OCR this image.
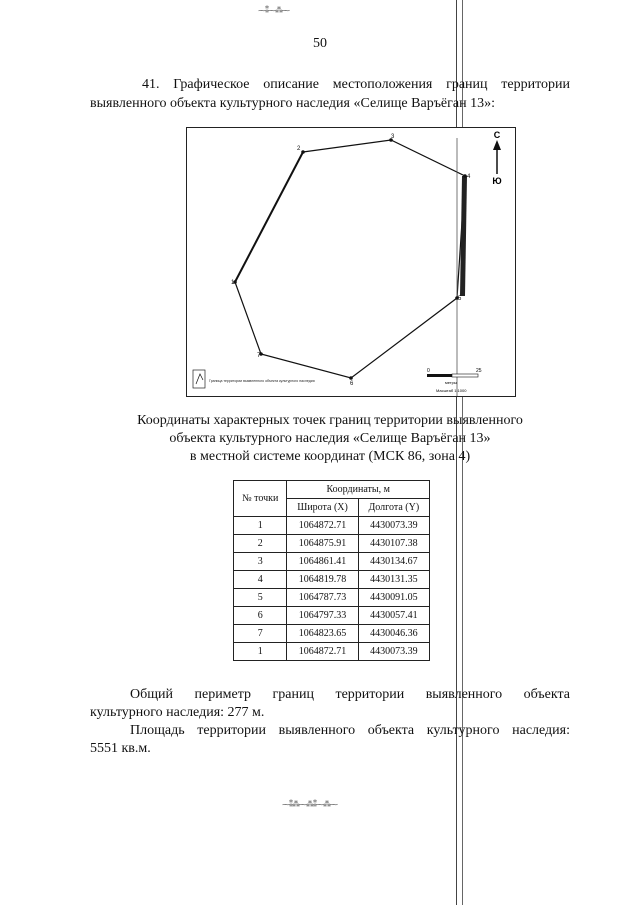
⁓⁑⁓⁂⁓
⁓⁑⁂⁓⁂⁑⁓⁂⁓
50

41. Графическое описание местоположения границ территории

выявленного объекта культурного наследия «Селище Варъёган 13»:

1
2
3
4
5
6
7
С
Ю
Граница территории выявленного объекта культурного наследия
0	25
метры
Масштаб 1:1000
Координаты характерных точек границ территории выявленного
объекта культурного наследия «Селище Варъёган 13»
в местной системе координат (МСК 86, зона 4)
№ точки	Координаты, м	
	Широта (X)	Долгота (Y)
1	1064872.71	4430073.39
2	1064875.91	4430107.38
3	1064861.41	4430134.67
4	1064819.78	4430131.35
5	1064787.73	4430091.05
6	1064797.33	4430057.41
7	1064823.65	4430046.36
1	1064872.71	4430073.39

Общий периметр границ территории выявленного объекта

культурного наследия: 277 м.

Площадь территории выявленного объекта культурного наследия:

5551 кв.м.
